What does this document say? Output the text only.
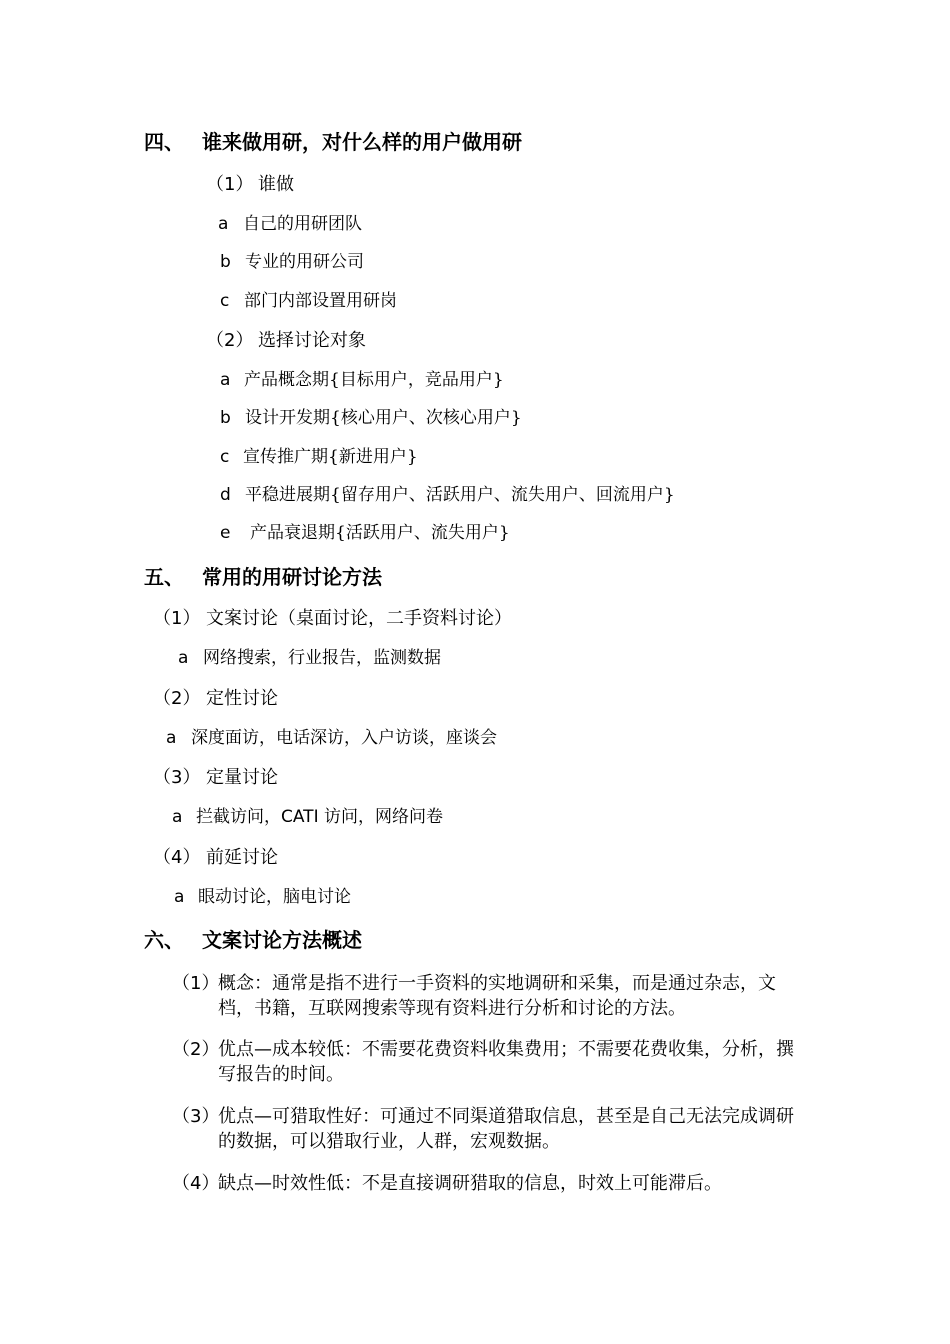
四、 谁来做用研，对什么样的用户做用研
（1） 谁做
a 自己的用研团队
b 专业的用研公司
c 部门内部设置用研岗
（2） 选择讨论对象
a 产品概念期{目标用户，竞品用户}
b 设计开发期{核心用户、次核心用户}
c 宣传推广期{新进用户}
d 平稳进展期{留存用户、活跃用户、流失用户、回流用户}
e 产品衰退期{活跃用户、流失用户}
五、 常用的用研讨论方法
（1） 文案讨论（桌面讨论，二手资料讨论）
a 网络搜索，行业报告，监测数据
（2） 定性讨论
a 深度面访，电话深访，入户访谈，座谈会
（3） 定量讨论
a 拦截访问，CATI 访问，网络问卷
（4） 前延讨论
a 眼动讨论，脑电讨论
六、 文案讨论方法概述
（1）
概念：通常是指不进行一手资料的实地调研和采集，而是通过杂志，文档，书籍，互联网搜索等现有资料进行分析和讨论的方法。
（2）
优点—成本较低：不需要花费资料收集费用；不需要花费收集，分析，撰写报告的时间。
（3）
优点—可猎取性好：可通过不同渠道猎取信息，甚至是自己无法完成调研的数据，可以猎取行业，人群，宏观数据。
（4）
缺点—时效性低：不是直接调研猎取的信息，时效上可能滞后。
